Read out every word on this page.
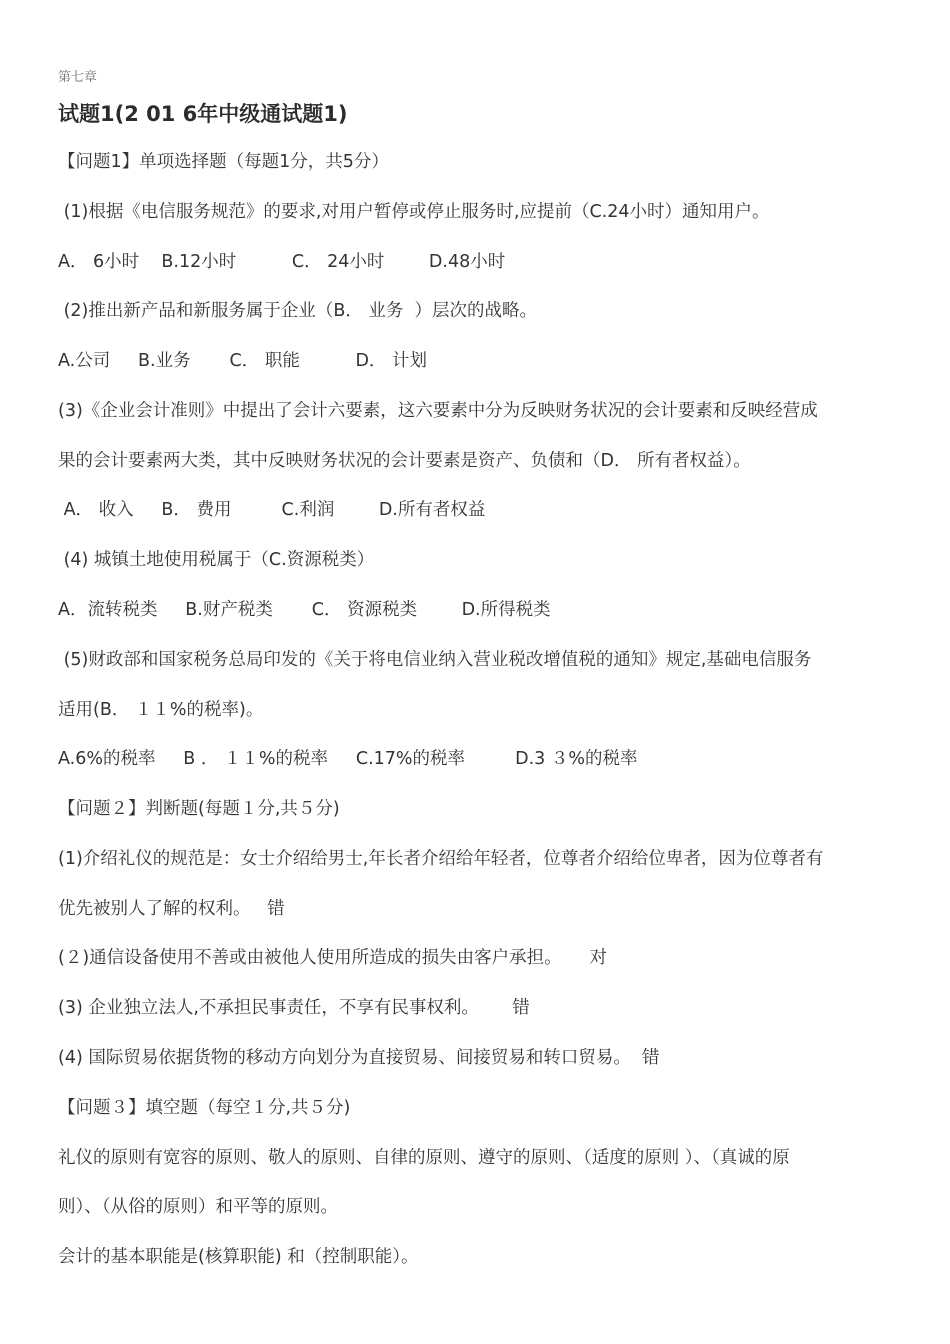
第七章
试题1(2 01 6年中级通试题1)
【问题1】单项选择题（每题1分，共5分）
(1)根据《电信服务规范》的要求,对用户暂停或停止服务时,应提前（C.24小时）通知用户。
A． 6小时    B.12小时          C． 24小时        D.48小时
(2)推出新产品和新服务属于企业（B． 业务  ）层次的战略。
A.公司     B.业务       C． 职能          D． 计划
(3)《企业会计准则》中提出了会计六要素，这六要素中分为反映财务状况的会计要素和反映经营成
果的会计要素两大类，其中反映财务状况的会计要素是资产、负债和（D． 所有者权益）。
A． 收入     B． 费用         C.利润        D.所有者权益
(4) 城镇土地使用税属于（C.资源税类）
A．流转税类     B.财产税类       C． 资源税类        D.所得税类
(5)财政部和国家税务总局印发的《关于将电信业纳入营业税改增值税的通知》规定,基础电信服务
适用(B． １１%的税率)。
A.6%的税率     B ． １１%的税率     C.17%的税率         D.3 ３%的税率
【问题２】判断题(每题１分,共５分)
(1)介绍礼仪的规范是：女士介绍给男士,年长者介绍给年轻者，位尊者介绍给位卑者，因为位尊者有
优先被别人了解的权利。   错
(２)通信设备使用不善或由被他人使用所造成的损失由客户承担。     对
(3) 企业独立法人,不承担民事责任，不享有民事权利。      错
(4) 国际贸易依据货物的移动方向划分为直接贸易、间接贸易和转口贸易。  错
【问题３】填空题（每空１分,共５分)
礼仪的原则有宽容的原则、敬人的原则、自律的原则、遵守的原则、（适度的原则 ）、（真诚的原
则）、（从俗的原则）和平等的原则。
会计的基本职能是(核算职能) 和（控制职能）。
